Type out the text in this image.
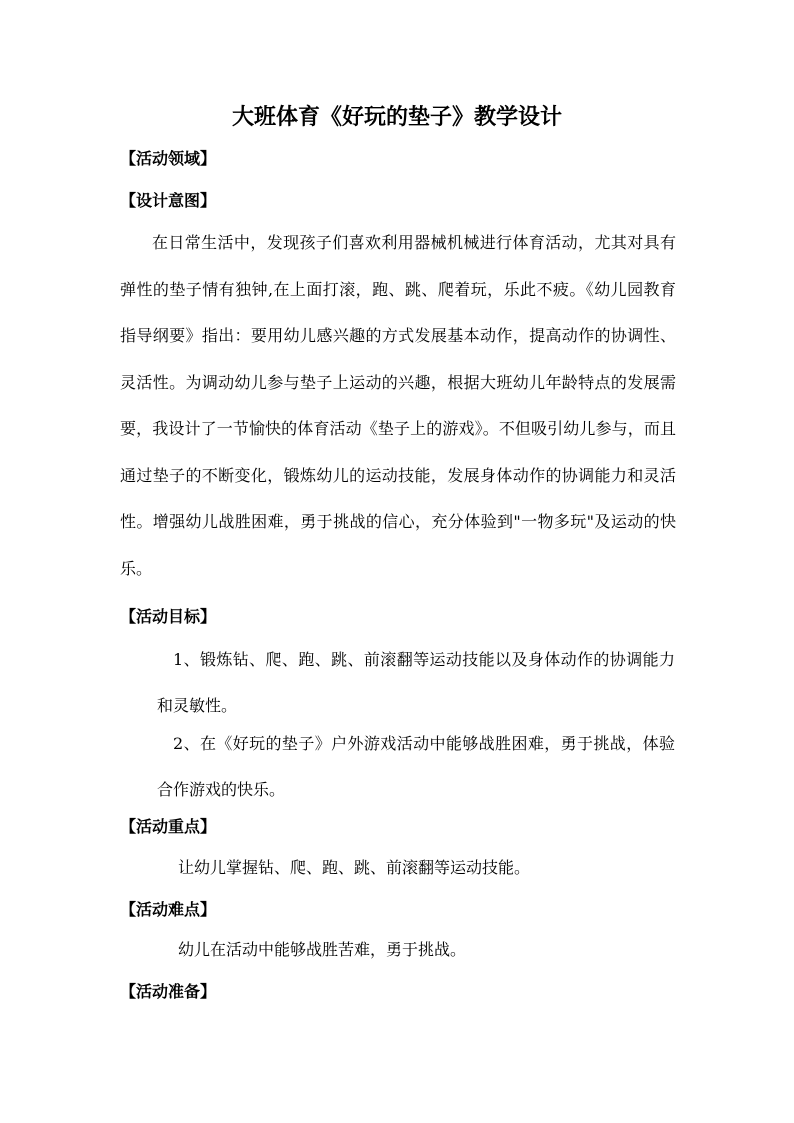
大班体育《好玩的垫子》教学设计
【活动领域】
【设计意图】
在日常生活中，发现孩子们喜欢利用器械机械进行体育活动，尤其对具有弹性的垫子情有独钟,在上面打滚，跑、跳、爬着玩，乐此不疲。《幼儿园教育指导纲要》指出：要用幼儿感兴趣的方式发展基本动作，提高动作的协调性、灵活性。为调动幼儿参与垫子上运动的兴趣，根据大班幼儿年龄特点的发展需要，我设计了一节愉快的体育活动《垫子上的游戏》。不但吸引幼儿参与，而且通过垫子的不断变化，锻炼幼儿的运动技能，发展身体动作的协调能力和灵活性。增强幼儿战胜困难，勇于挑战的信心，充分体验到"一物多玩"及运动的快乐。
【活动目标】
1、锻炼钻、爬、跑、跳、前滚翻等运动技能以及身体动作的协调能力和灵敏性。
2、在《好玩的垫子》户外游戏活动中能够战胜困难，勇于挑战，体验合作游戏的快乐。
【活动重点】
让幼儿掌握钻、爬、跑、跳、前滚翻等运动技能。
【活动难点】
幼儿在活动中能够战胜苦难，勇于挑战。
【活动准备】
